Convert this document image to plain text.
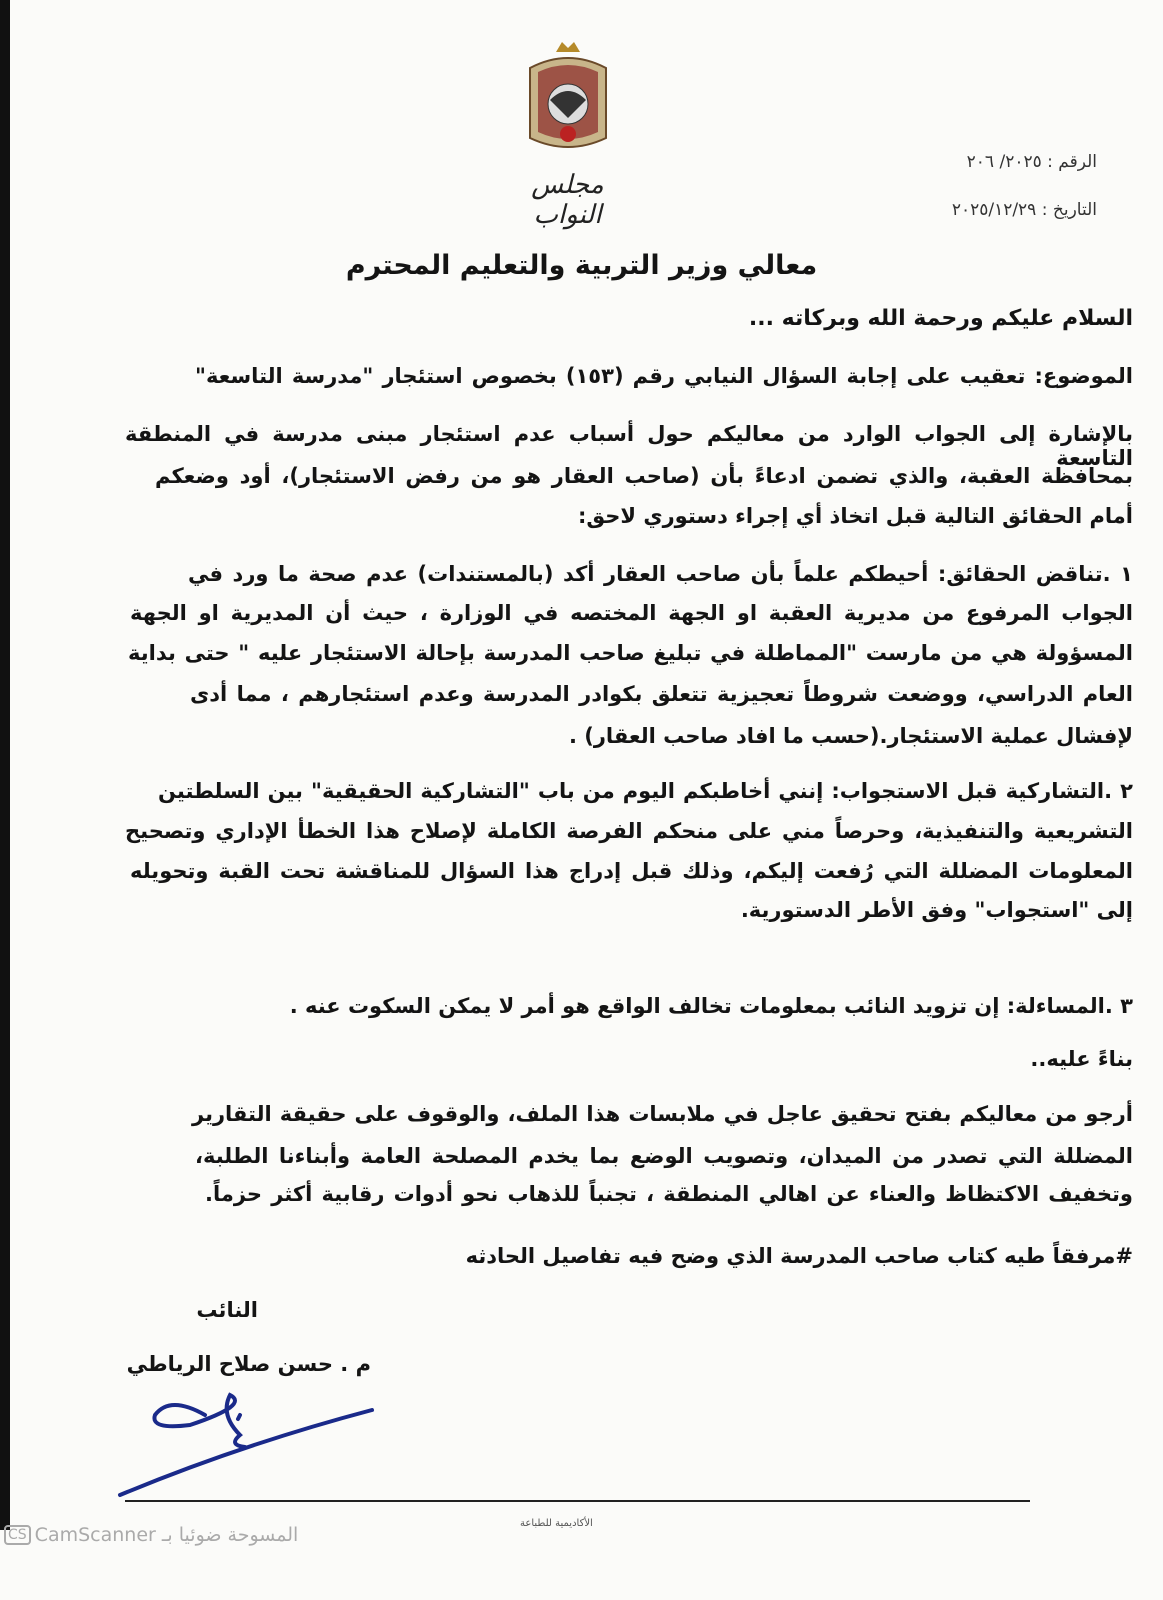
مجلس النواب
الرقم : ٢٠٢٥/ ٢٠٦
التاريخ : ٢٠٢٥/١٢/٢٩
معالي وزير التربية والتعليم المحترم
السلام عليكم ورحمة الله وبركاته ...
الموضوع: تعقيب على إجابة السؤال النيابي رقم (١٥٣) بخصوص استئجار "مدرسة التاسعة"
بالإشارة إلى الجواب الوارد من معاليكم حول أسباب عدم استئجار مبنى مدرسة في المنطقة التاسعة
بمحافظة العقبة، والذي تضمن ادعاءً بأن (صاحب العقار هو من رفض الاستئجار)، أود وضعكم
أمام الحقائق التالية قبل اتخاذ أي إجراء دستوري لاحق:
١ .تناقض الحقائق: أحيطكم علماً بأن صاحب العقار أكد (بالمستندات) عدم صحة ما ورد في
الجواب المرفوع من مديرية العقبة او الجهة المختصه في الوزارة ، حيث أن المديرية او الجهة
المسؤولة هي من مارست "المماطلة في تبليغ صاحب المدرسة بإحالة الاستئجار عليه " حتى بداية
العام الدراسي، ووضعت شروطاً تعجيزية تتعلق بكوادر المدرسة وعدم استئجارهم ، مما أدى
لإفشال عملية الاستئجار.(حسب ما افاد صاحب العقار) .
٢ .التشاركية قبل الاستجواب: إنني أخاطبكم اليوم من باب "التشاركية الحقيقية" بين السلطتين
التشريعية والتنفيذية، وحرصاً مني على منحكم الفرصة الكاملة لإصلاح هذا الخطأ الإداري وتصحيح
المعلومات المضللة التي رُفعت إليكم، وذلك قبل إدراج هذا السؤال للمناقشة تحت القبة وتحويله
إلى "استجواب" وفق الأطر الدستورية.
٣ .المساءلة: إن تزويد النائب بمعلومات تخالف الواقع هو أمر لا يمكن السكوت عنه .
بناءً عليه..
أرجو من معاليكم بفتح تحقيق عاجل في ملابسات هذا الملف، والوقوف على حقيقة التقارير
المضللة التي تصدر من الميدان، وتصويب الوضع بما يخدم المصلحة العامة وأبناءنا الطلبة،
وتخفيف الاكتظاظ والعناء عن اهالي المنطقة ، تجنباً للذهاب نحو أدوات رقابية أكثر حزماً.
#مرفقاً طيه كتاب صاحب المدرسة الذي وضح فيه تفاصيل الحادثه
النائب
م . حسن صلاح الرياطي
الأكاديمية للطباعة
CS المسوحة ضوئيا بـ CamScanner
